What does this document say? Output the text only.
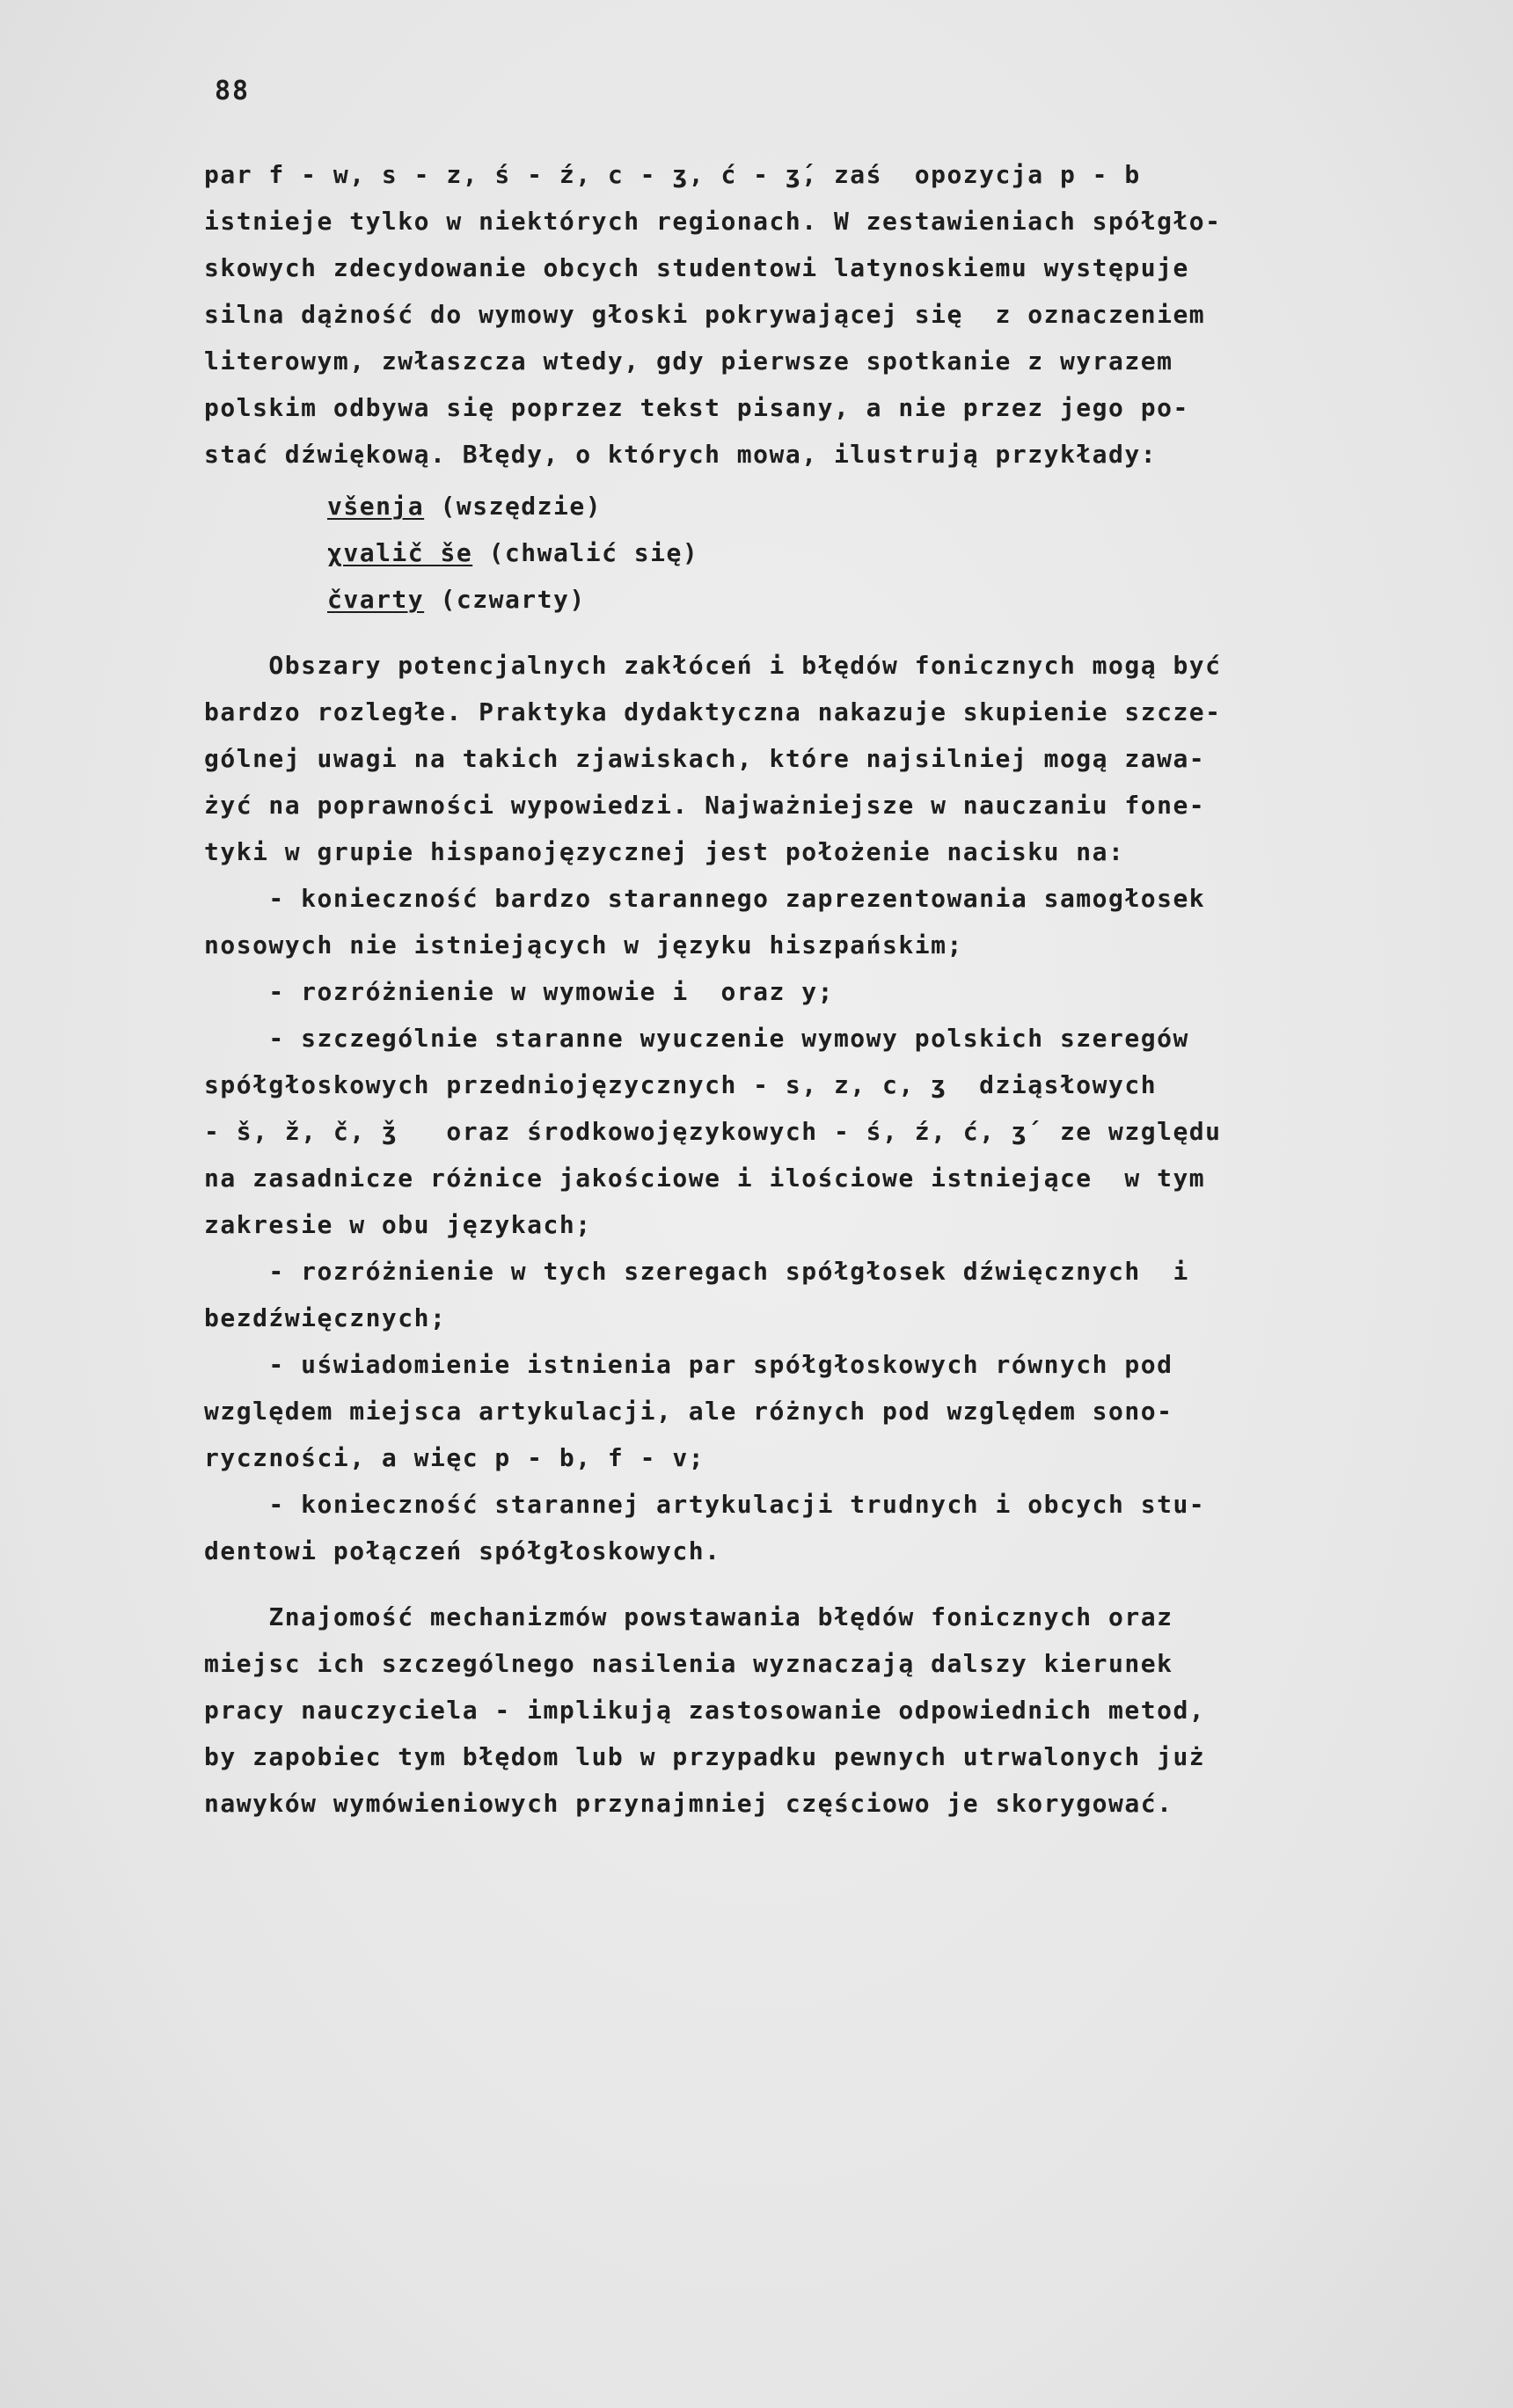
88
par f - w, s - z, ś - ź, c - ʒ, ć - ʒ́, zaś  opozycja p - b
istnieje tylko w niektórych regionach. W zestawieniach spółgło-
skowych zdecydowanie obcych studentowi latynoskiemu występuje
silna dążność do wymowy głoski pokrywającej się  z oznaczeniem
literowym, zwłaszcza wtedy, gdy pierwsze spotkanie z wyrazem
polskim odbywa się poprzez tekst pisany, a nie przez jego po-
stać dźwiękową. Błędy, o których mowa, ilustrują przykłady:
všenja (wszędzie)
χvalič še (chwalić się)
čvarty (czwarty)
Obszary potencjalnych zakłóceń i błędów fonicznych mogą być
bardzo rozległe. Praktyka dydaktyczna nakazuje skupienie szcze-
gólnej uwagi na takich zjawiskach, które najsilniej mogą zawa-
żyć na poprawności wypowiedzi. Najważniejsze w nauczaniu fone-
tyki w grupie hispanojęzycznej jest położenie nacisku na:
- konieczność bardzo starannego zaprezentowania samogłosek
nosowych nie istniejących w języku hiszpańskim;
- rozróżnienie w wymowie i  oraz y;
- szczególnie staranne wyuczenie wymowy polskich szeregów
spółgłoskowych przedniojęzycznych - s, z, c, ʒ  dziąsłowych
- š, ž, č, ǯ   oraz środkowojęzykowych - ś, ź, ć, ʒ́  ze względu
na zasadnicze różnice jakościowe i ilościowe istniejące  w tym
zakresie w obu językach;
- rozróżnienie w tych szeregach spółgłosek dźwięcznych  i
bezdźwięcznych;
- uświadomienie istnienia par spółgłoskowych równych pod
względem miejsca artykulacji, ale różnych pod względem sono-
ryczności, a więc p - b, f - v;
- konieczność starannej artykulacji trudnych i obcych stu-
dentowi połączeń spółgłoskowych.
Znajomość mechanizmów powstawania błędów fonicznych oraz
miejsc ich szczególnego nasilenia wyznaczają dalszy kierunek
pracy nauczyciela - implikują zastosowanie odpowiednich metod,
by zapobiec tym błędom lub w przypadku pewnych utrwalonych już
nawyków wymówieniowych przynajmniej częściowo je skorygować.
